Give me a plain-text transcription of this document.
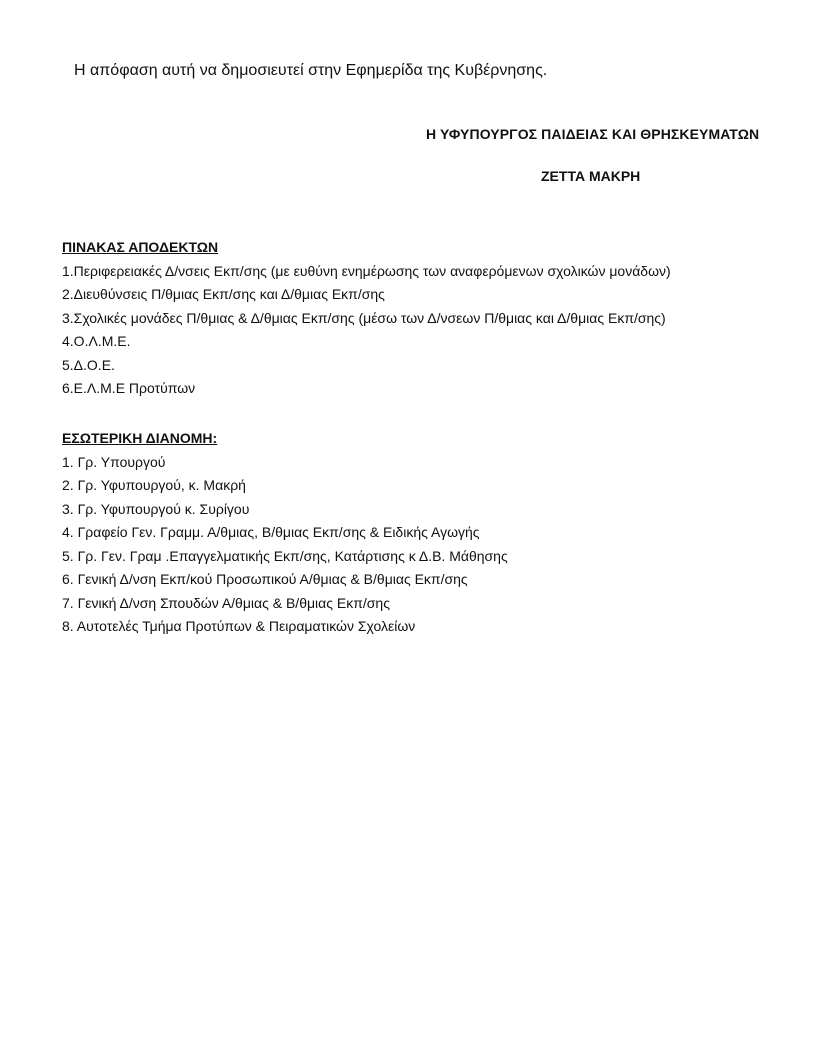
Η απόφαση αυτή να δημοσιευτεί στην Εφημερίδα της Κυβέρνησης.
Η ΥΦΥΠΟΥΡΓΟΣ ΠΑΙΔΕΙΑΣ ΚΑΙ ΘΡΗΣΚΕΥΜΑΤΩΝ
ΖΕΤΤΑ ΜΑΚΡΗ
ΠΙΝΑΚΑΣ ΑΠΟΔΕΚΤΩΝ
1.Περιφερειακές Δ/νσεις Εκπ/σης (με ευθύνη ενημέρωσης των αναφερόμενων σχολικών μονάδων)
2.Διευθύνσεις Π/θμιας Εκπ/σης και Δ/θμιας Εκπ/σης
3.Σχολικές μονάδες Π/θμιας & Δ/θμιας Εκπ/σης (μέσω των Δ/νσεων Π/θμιας και Δ/θμιας Εκπ/σης)
4.Ο.Λ.Μ.Ε.
5.Δ.Ο.Ε.
6.Ε.Λ.Μ.Ε Προτύπων
ΕΣΩΤΕΡΙΚΗ ΔΙΑΝΟΜΗ:
1. Γρ. Υπουργού
2. Γρ. Υφυπουργού, κ. Μακρή
3. Γρ. Υφυπουργού κ. Συρίγου
4. Γραφείο Γεν. Γραμμ. Α/θμιας, Β/θμιας Εκπ/σης & Ειδικής Αγωγής
5. Γρ. Γεν. Γραμ .Επαγγελματικής Εκπ/σης, Κατάρτισης κ Δ.Β. Μάθησης
6. Γενική Δ/νση Εκπ/κού Προσωπικού Α/θμιας & Β/θμιας Εκπ/σης
7. Γενική Δ/νση Σπουδών Α/θμιας & Β/θμιας Εκπ/σης
8. Αυτοτελές Τμήμα Προτύπων & Πειραματικών Σχολείων
